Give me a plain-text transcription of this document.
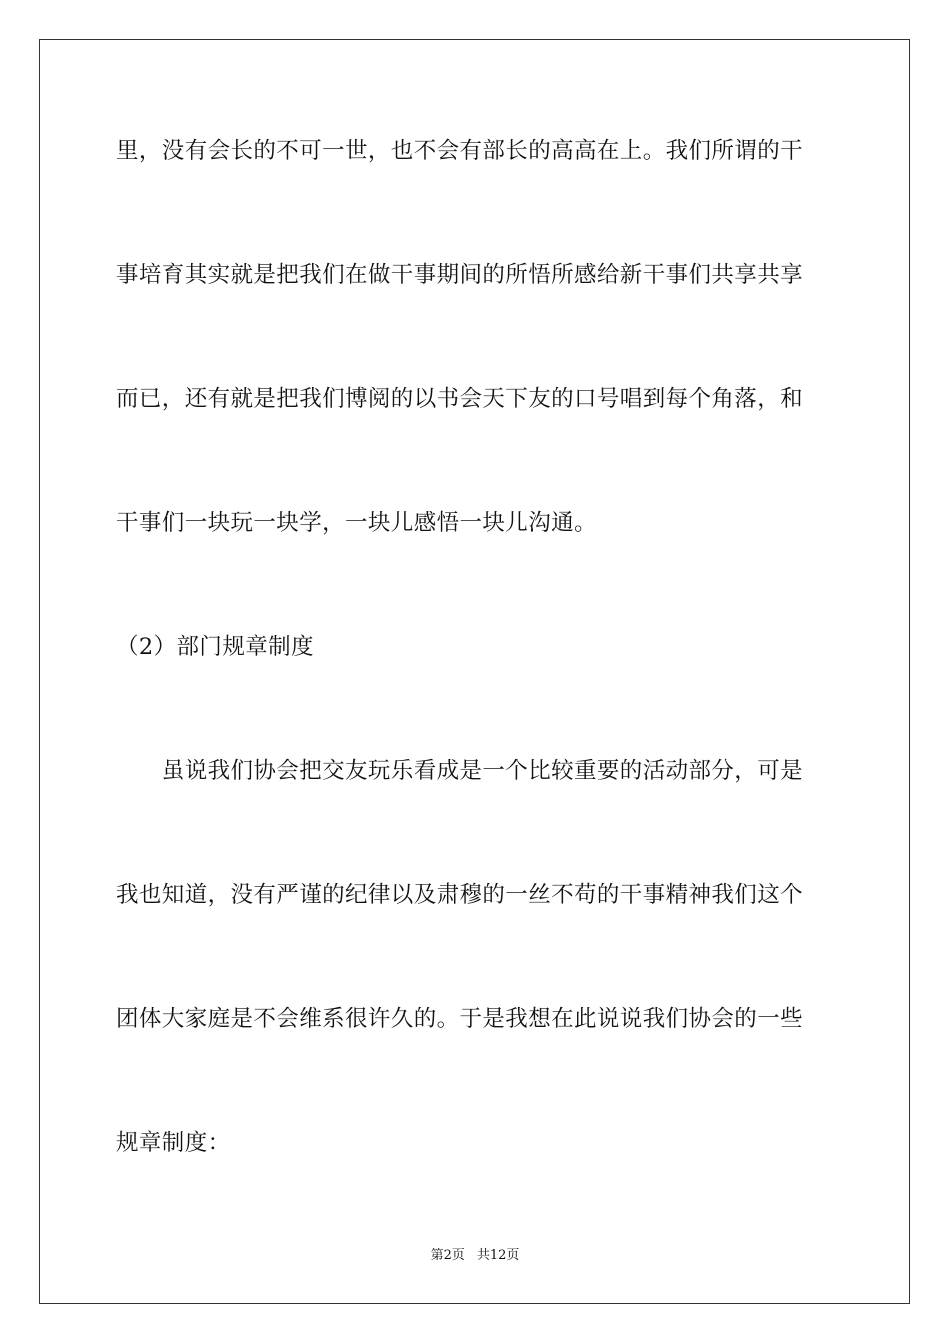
里，没有会长的不可一世，也不会有部长的高高在上。我们所谓的干
事培育其实就是把我们在做干事期间的所悟所感给新干事们共享共享
而已，还有就是把我们博阅的以书会天下友的口号唱到每个角落，和
干事们一块玩一块学，一块儿感悟一块儿沟通。
（2）部门规章制度
　　虽说我们协会把交友玩乐看成是一个比较重要的活动部分，可是
我也知道，没有严谨的纪律以及肃穆的一丝不苟的干事精神我们这个
团体大家庭是不会维系很许久的。于是我想在此说说我们协会的一些
规章制度：
第2页 共12页
